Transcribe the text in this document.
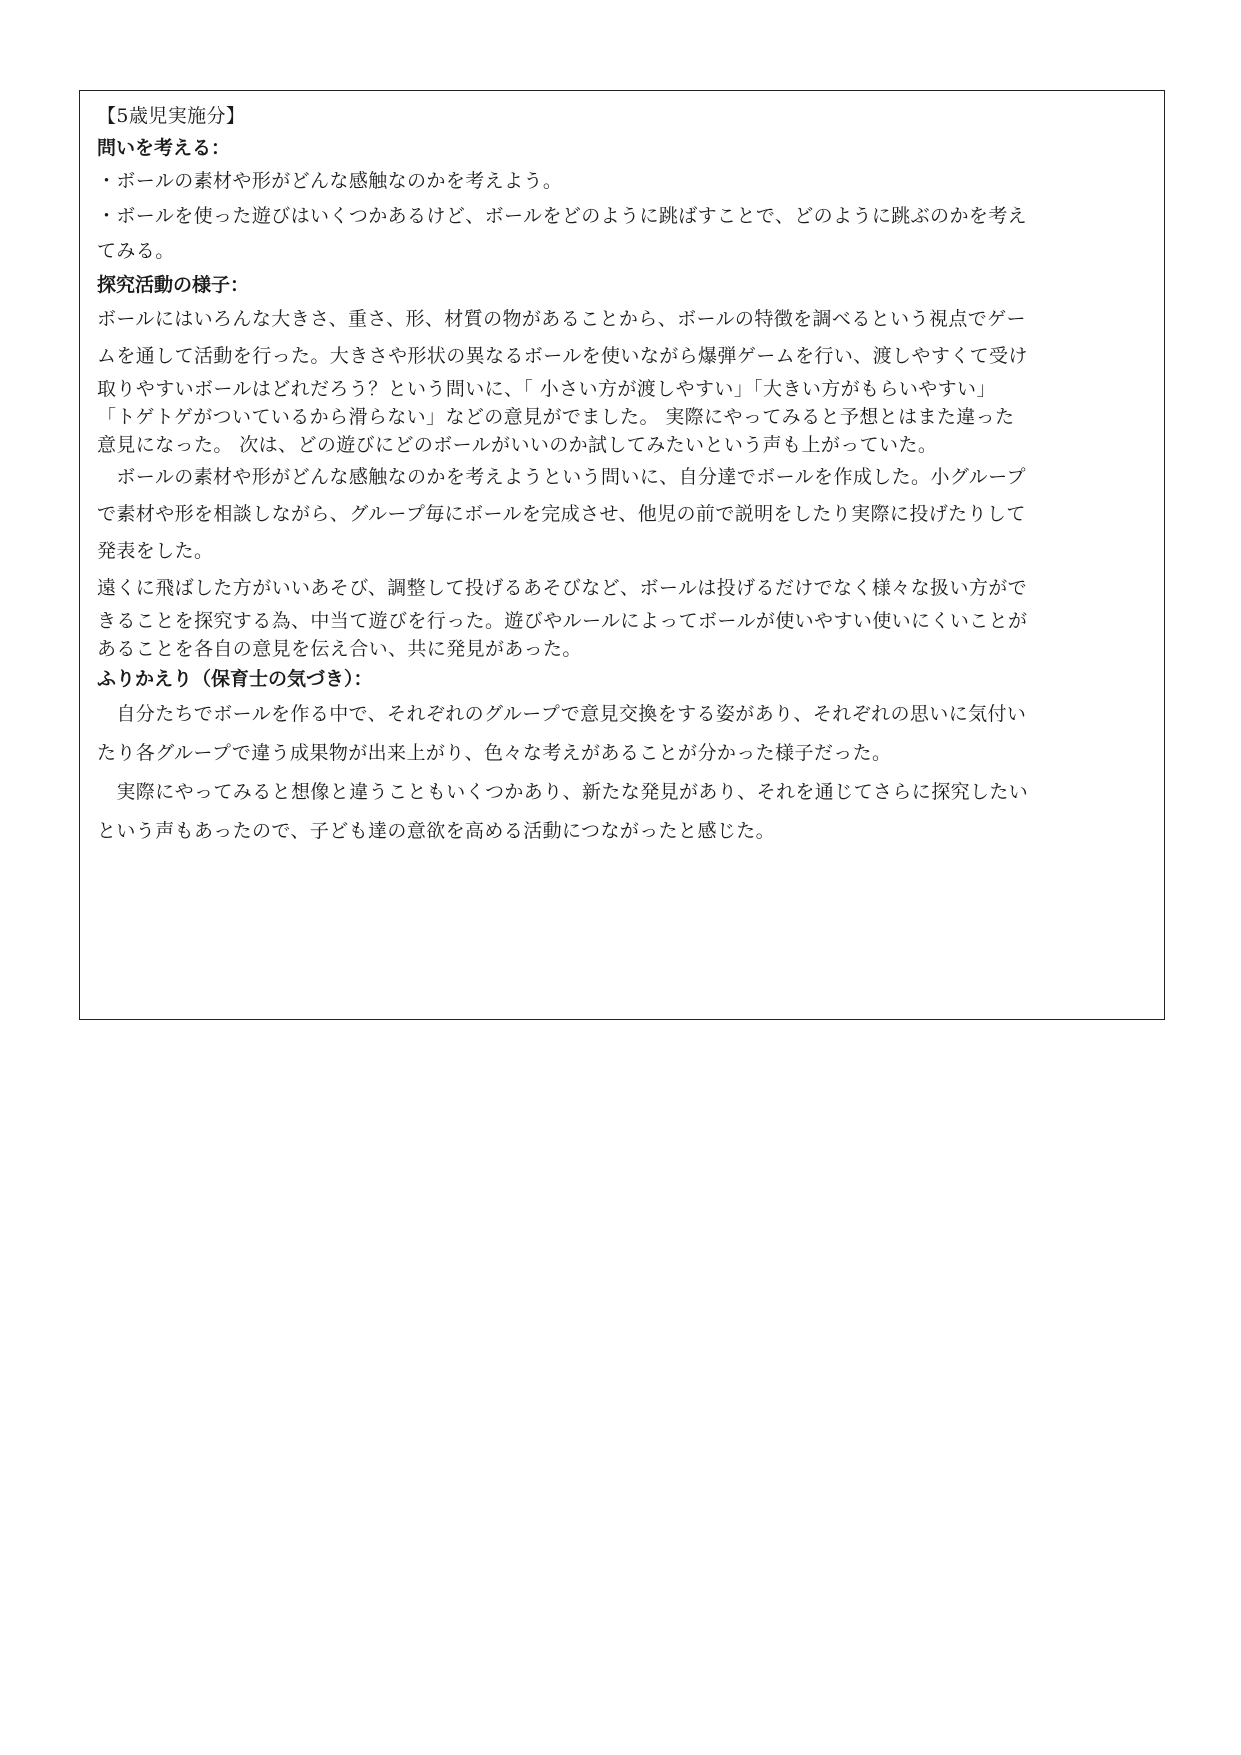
【5歳児実施分】
問いを考える：
・ボールの素材や形がどんな感触なのかを考えよう。
・ボールを使った遊びはいくつかあるけど、ボールをどのように跳ばすことで、どのように跳ぶのかを考え
てみる。
探究活動の様子：
ボールにはいろんな大きさ、重さ、形、材質の物があることから、ボールの特徴を調べるという視点でゲー
ムを通して活動を行った。大きさや形状の異なるボールを使いながら爆弾ゲームを行い、渡しやすくて受け
取りやすいボールはどれだろう？という問いに、「 小さい方が渡しやすい」「大きい方がもらいやすい」
「トゲトゲがついているから滑らない」などの意見がでました。 実際にやってみると予想とはまた違った
意見になった。 次は、どの遊びにどのボールがいいのか試してみたいという声も上がっていた。
　ボールの素材や形がどんな感触なのかを考えようという問いに、自分達でボールを作成した。小グループ
で素材や形を相談しながら、グループ毎にボールを完成させ、他児の前で説明をしたり実際に投げたりして
発表をした。
遠くに飛ばした方がいいあそび、調整して投げるあそびなど、ボールは投げるだけでなく様々な扱い方がで
きることを探究する為、中当て遊びを行った。遊びやルールによってボールが使いやすい使いにくいことが
あることを各自の意見を伝え合い、共に発見があった。
ふりかえり（保育士の気づき）：
　自分たちでボールを作る中で、それぞれのグループで意見交換をする姿があり、それぞれの思いに気付い
たり各グループで違う成果物が出来上がり、色々な考えがあることが分かった様子だった。
　実際にやってみると想像と違うこともいくつかあり、新たな発見があり、それを通じてさらに探究したい
という声もあったので、子ども達の意欲を高める活動につながったと感じた。
